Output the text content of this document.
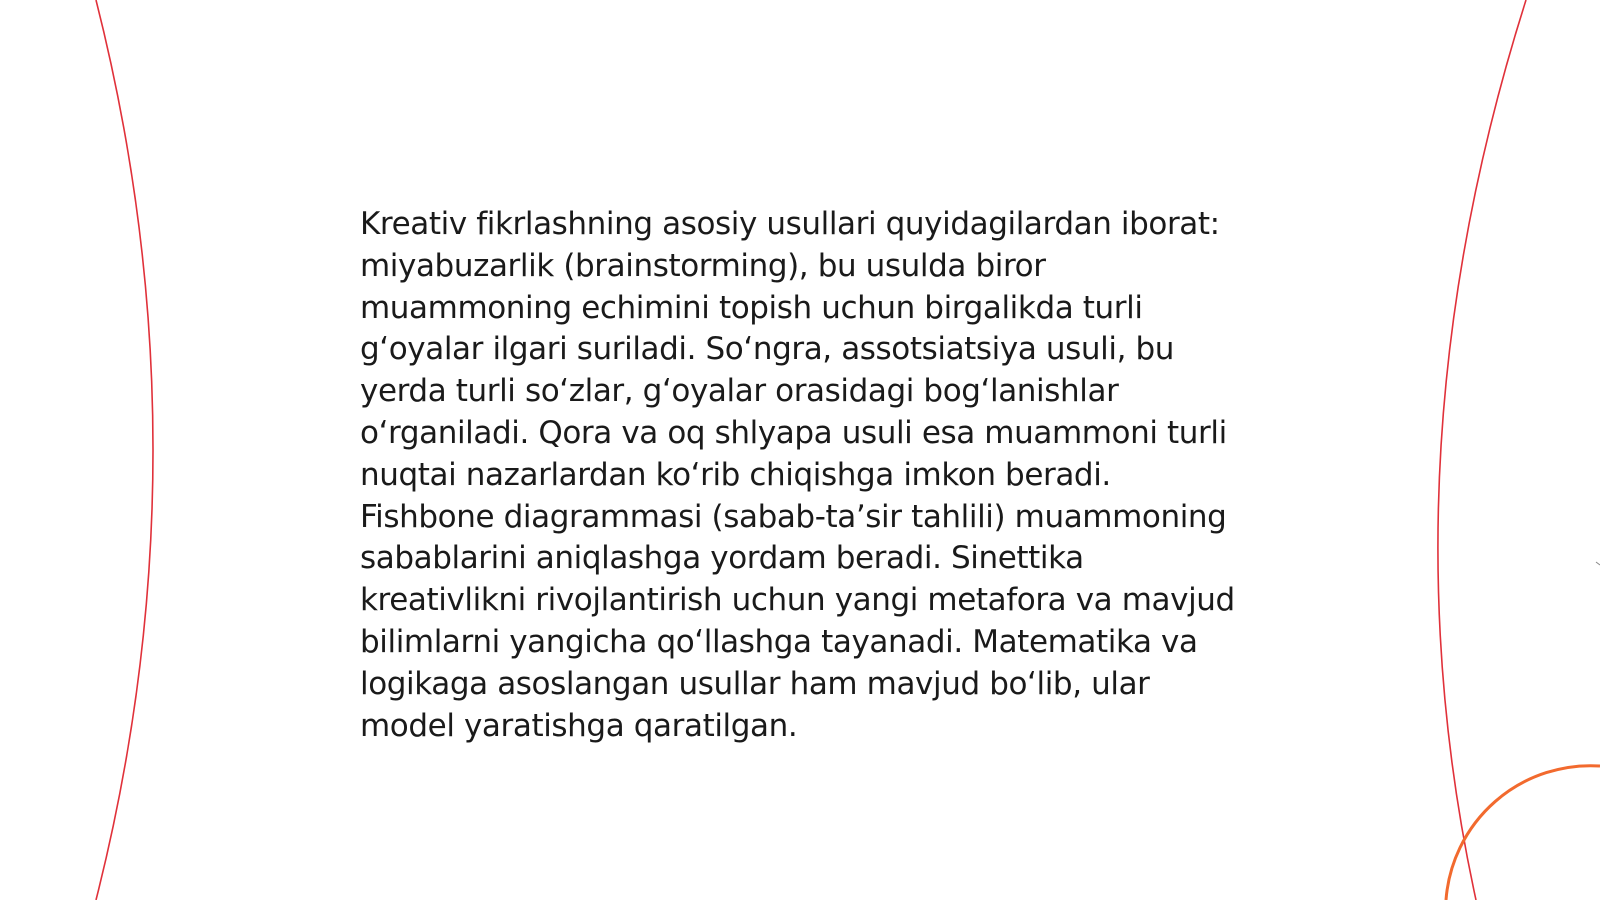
Kreativ fikrlashning asosiy usullari quyidagilardan iborat: miyabuzarlik (brainstorming), bu usulda biror muammoning echimini topish uchun birgalikda turli g‘oyalar ilgari suriladi. So‘ngra, assotsiatsiya usuli, bu yerda turli so‘zlar, g‘oyalar orasidagi bog‘lanishlar o‘rganiladi. Qora va oq shlyapa usuli esa muammoni turli nuqtai nazarlardan ko‘rib chiqishga imkon beradi. Fishbone diagrammasi (sabab-ta’sir tahlili) muammoning sabablarini aniqlashga yordam beradi. Sinettika kreativlikni rivojlantirish uchun yangi metafora va mavjud bilimlarni yangicha qo‘llashga tayanadi. Matematika va logikaga asoslangan usullar ham mavjud bo‘lib, ular model yaratishga qaratilgan.
